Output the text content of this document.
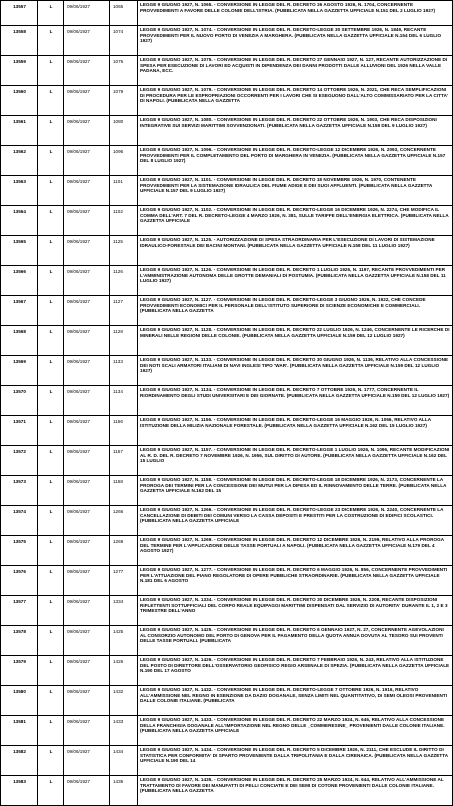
13557	L	09/06/1927	1065	LEGGE 9 GIUGNO 1927, N. 1065. - CONVERSIONE IN LEGGE DEL R. DECRETO 26 AGOSTO 1926, N. 1704, CONCERNENTE PROVVEDIMENTI A FAVORE DELLE COLONIE DELL'ISTRIA. (PUBBLICATA NELLA GAZZETTA UFFICIALE N.151 DEL 2 LUGLIO 1927)
13558	L	09/06/1927	1074	LEGGE 9 GIUGNO 1927, N. 1074. - CONVERSIONE IN LEGGE DEL R. DECRETO-LEGGE 30 SETTEMBRE 1926, N. 1849, RECANTE PROVVEDIMENTI PER IL NUOVO PORTO DI VENEZIA A MARGHERA. (PUBBLICATA NELLA GAZZETTA UFFICIALE N.154 DEL 6 LUGLIO 1927)
13559	L	09/06/1927	1075	LEGGE 9 GIUGNO 1927, N. 1075. - CONVERSIONE IN LEGGE DEL R. DECRETO 27 GENNAIO 1927, N. 127, RECANTE AUTORIZZAZIONE DI SPESA PER ESECUZIONE DI LAVORI ED ACQUISTI IN DIPENDENZA DEI DANNI PRODOTTI DALLE ALLUVIONI DEL 1926 NELLA VALLE PADANA, ECC.
13560	L	09/06/1927	1079	LEGGE 9 GIUGNO 1927, N. 1079. - CONVERSIONE IN LEGGE DEL R. DECRETO 14 OTTOBRE 1926, N. 2021, CHE RECA SEMPLIFICAZIONI DI PROCEDURA PER LE ESPROPRIAZIONI OCCORRENTI PER I LAVORI CHE SI ESEGUONO DALL'ALTO COMMISSARIATO PER LA CITTA' DI NAPOLI. (PUBBLICATA NELLA GAZZETTA
13561	L	09/06/1927	1080	LEGGE 9 GIUGNO 1927, N. 1080. - CONVERSIONE IN LEGGE DEL R. DECRETO 22 OTTOBRE 1926, N. 1903, CHE RECA DISPOSIZIONI INTEGRATIVE SUI SERVIZI MARITTIMI SOVVENZIONATI. (PUBBLICATA NELLA GAZZETTA UFFICIALE N.158 DEL 9 LUGLIO 1927)
13562	L	09/06/1927	1096	LEGGE 9 GIUGNO 1927, N. 1096. - CONVERSIONE IN LEGGE DEL R. DECRETO-LEGGE 12 DICEMBRE 1926, N. 2093, CONCERNENTE PROVVEDIMENTI PER IL COMPLETAMENTO DEL PORTO DI MARGHERA IN VENEZIA. (PUBBLICATA NELLA GAZZETTA UFFICIALE N.157 DEL 8 LUGLIO 1927)
13563	L	09/06/1927	1101	LEGGE 9 GIUGNO 1927, N. 1101. - CONVERSIONE IN LEGGE DEL R. DECRETO 18 NOVEMBRE 1926, N. 1970, CONTENENTE PROVVEDIMENTI PER LA SISTEMAZIONE IDRAULICA DEL FIUME ADIGE E DEI SUOI AFFLUENTI. (PUBBLICATA NELLA GAZZETTA UFFICIALE N.157 DEL 9 LUGLIO 1927)
13564	L	09/06/1927	1102	LEGGE 9 GIUGNO 1927, N. 1102. - CONVERSIONE IN LEGGE DEL R. DECRETO-LEGGE 16 DICEMBRE 1926, N. 2274, CHE MODIFICA IL COMMA DELL'ART. 7 DEL R. DECRETO-LEGGE 4 MARZO 1926, N. 381, SULLE TARIFFE DELL'ENERGIA ELETTRICA. (PUBBLICATA NELLA GAZZETTA UFFICIALE
13565	L	09/06/1927	1125	LEGGE 9 GIUGNO 1927, N. 1125. - AUTORIZZAZIONE DI SPESA STRAORDINARIA PER L'ESECUZIONE DI LAVORI DI SISTEMAZIONE IDRAULICO-FORESTALE DEI BACINI MONTANI. (PUBBLICATA NELLA GAZZETTA UFFICIALE N.158 DEL 11 LUGLIO 1927)
13566	L	09/06/1927	1126	LEGGE 9 GIUGNO 1927, N. 1126. - CONVERSIONE IN LEGGE DEL R. DECRETO 1 LUGLIO 1926, N. 1197, RECANTE PROVVEDIMENTI PER L'AMMINISTRAZIONE AUTONOMA DELLE GROTTE DEMANIALI DI POSTUMIA. (PUBBLICATA NELLA GAZZETTA UFFICIALE N.158 DEL 11 LUGLIO 1927)
13567	L	09/06/1927	1127	LEGGE 9 GIUGNO 1927, N. 1127. - CONVERSIONE IN LEGGE DEL R. DECRETO-LEGGE 3 GIUGNO 1926, N. 1922, CHE CONCEDE PROVVEDIMENTI ECONOMICI PER IL PERSONALE DELL'ISTITUTO SUPERIORE DI SCIENZE ECONOMICHE E COMMERCIALI. (PUBBLICATA NELLA GAZZETTA
13568	L	09/06/1927	1128	LEGGE 9 GIUGNO 1927, N. 1128. - CONVERSIONE IN LEGGE DEL R. DECRETO 22 LUGLIO 1926, N. 1246, CONCERNENTE LE RICERCHE DI MINERALI NELLE REGIONI DELLE COLONIE. (PUBBLICATA NELLA GAZZETTA UFFICIALE N.159 DEL 12 LUGLIO 1927)
13569	L	09/06/1927	1133	LEGGE 9 GIUGNO 1927, N. 1133. - CONVERSIONE IN LEGGE DEL R. DECRETO 30 GIUGNO 1926, N. 1136, RELATIVO ALLA CONCESSIONE DEI NOTI SCALI ARMATORI ITALIANI DI NAVI INGLESI TIPO 'WAR'. (PUBBLICATA NELLA GAZZETTA UFFICIALE N.159 DEL 12 LUGLIO 1927)
13570	L	09/06/1927	1134	LEGGE 9 GIUGNO 1927, N. 1134. - CONVERSIONE IN LEGGE DEL R. DECRETO 7 OTTOBRE 1926, N. 1777, CONCERNENTE IL RIORDINAMENTO DEGLI STUDI UNIVERSITARI E DEI GIORNATE. (PUBBLICATA NELLA GAZZETTA UFFICIALE N.159 DEL 12 LUGLIO 1927)
13571	L	09/06/1927	1156	LEGGE 9 GIUGNO 1927, N. 1156. - CONVERSIONE IN LEGGE DEL R. DECRETO-LEGGE 16 MAGGIO 1926, N. 1066, RELATIVO ALLA ISTITUZIONE DELLA MILIZIA NAZIONALE FORESTALE. (PUBBLICATA NELLA GAZZETTA UFFICIALE N.162 DEL 15 LUGLIO 1927)
13572	L	09/06/1927	1157	LEGGE 9 GIUGNO 1927, N. 1157. - CONVERSIONE IN LEGGE DEL R. DECRETO-LEGGE 1 LUGLIO 1926, N. 1096, RECANTE MODIFICAZIONI AL R. D. DEL R. DECRETO 7 NOVEMBRE 1926, N. 1956, SUL DIRITTO DI AUTORE. (PUBBLICATA NELLA GAZZETTA UFFICIALE N.162 DEL 15 LUGLIO
13573	L	09/06/1927	1158	LEGGE 9 GIUGNO 1927, N. 1158. - CONVERSIONE IN LEGGE DEL R. DECRETO-LEGGE 18 DICEMBRE 1926, N. 2173, CONCERNENTE LA PROROGA DEI TERMINI PER LA CONCESSIONE DEI MUTUI PER LA DIFESA ED IL RINNOVAMENTO DELLE TERRE. (PUBBLICATA NELLA GAZZETTA UFFICIALE N.162 DEL 15
13574	L	09/06/1927	1266	LEGGE 9 GIUGNO 1927, N. 1266. - CONVERSIONE IN LEGGE DEL R. DECRETO-LEGGE 23 DICEMBRE 1926, N. 2240, CONCERNENTE LA CANCELLAZIONE DI DEBITI DEI COMUNI VERSO LA CASSA DEPOSITI E PRESTITI PER LA COSTRUZIONE DI EDIFICI SCOLASTICI. (PUBBLICATA NELLA GAZZETTA UFFICIALE
13575	L	09/06/1927	1269	LEGGE 9 GIUGNO 1927, N. 1269. - CONVERSIONE IN LEGGE DEL R. DECRETO 12 DICEMBRE 1926, N. 2199, RELATIVO ALLA PROROGA DEL TERMINE PER L'APPLICAZIONE DELLE TASSE PORTUALI A NAPOLI. (PUBBLICATA NELLA GAZZETTA UFFICIALE N.179 DEL 4 AGOSTO 1927)
13576	L	09/06/1927	1277	LEGGE 9 GIUGNO 1927, N. 1277. - CONVERSIONE IN LEGGE DEL R. DECRETO 6 MAGGIO 1926, N. 856, CONCERNENTE PROVVEDIMENTI PER L'ATTUAZIONE DEL PIANO REGOLATORE DI OPERE PUBBLICHE STRAORDINARIE. (PUBBLICATA NELLA GAZZETTA UFFICIALE N.181 DEL 6 AGOSTO
13577	L	09/06/1927	1334	LEGGE 9 GIUGNO 1927, N. 1334. - CONVERSIONE IN LEGGE DEL R. DECRETO 30 DICEMBRE 1926, N. 2208, RECANTE DISPOSIZIONI RIFLETTENTI SOTTUFFICIALI DEL CORPO REALE EQUIPAGGI MARITTIMI DISPENSATI DAL SERVIZIO DI AUTORITA' DURANTE IL 1, 2 E 3 TRIMESTRE DELL'ANNO
13578	L	09/06/1927	1425	LEGGE 9 GIUGNO 1927, N. 1425. - CONVERSIONE IN LEGGE DEL R. DECRETO 6 GENNAIO 1927, N. 27, CONCERNENTE AGEVOLAZIONI AL CONSORZIO AUTONOMO DEL PORTO DI GENOVA PER IL PAGAMENTO DELLA QUOTA ANNUA DOVUTA AL TESORO SUI PROVENTI DELLE TASSE PORTUALI. (PUBBLICATA
13579	L	09/06/1927	1426	LEGGE 9 GIUGNO 1927, N. 1426. - CONVERSIONE IN LEGGE DEL R. DECRETO 7 FEBBRAIO 1926, N. 243, RELATIVO ALLA ISTITUZIONE DEL POSTO DI DIRETTORE DELL'OSSERVATORIO GEOFISICO REGIO ARSENALE DI SPEZIA. (PUBBLICATA NELLA GAZZETTA UFFICIALE N.190 DEL 17 AGOSTO
13580	L	09/06/1927	1432	LEGGE 9 GIUGNO 1927, N. 1432. - CONVERSIONE IN LEGGE DEL R. DECRETO-LEGGE 7 OTTOBRE 1926, N. 1916, RELATIVO ALL'AMMISSIONE NEL REGNO IN ESENZIONE DA DAZIO DOGANALE, SENZA LIMITI NEL QUANTITATIVO, DI SEMI OLEOSI PROVENIENTI DALLE COLONIE ITALIANE. (PUBBLICATA
13581	L	09/06/1927	1433	LEGGE 9 GIUGNO 1927, N. 1433. - CONVERSIONE IN LEGGE DEL R. DECRETO 22 MARZO 1924, N. 646, RELATIVO ALLA CONCESSIONE DELLA FRANCHIGIA DOGANALE ALL'IMPORTAZIONE NEL REGNO DELLE _COMMERESINE_ PROVENIENTI DALLE COLONIE ITALIANE. (PUBBLICATA NELLA GAZZETTA UFFICIALE
13582	L	09/06/1927	1434	LEGGE 9 GIUGNO 1927, N. 1434. - CONVERSIONE IN LEGGE DEL R. DECRETO 5 DICEMBRE 1926, N. 2111, CHE ESCLUDE IL DIRITTO DI STATISTICA PER CONFORMITA' DI SPARTO PROVENIENTE DALLA TRIPOLITANIA E DALLA CIRENAICA. (PUBBLICATA NELLA GAZZETTA UFFICIALE N.190 DEL 14
13583	L	09/06/1927	1435	LEGGE 9 GIUGNO 1927, N. 1435. - CONVERSIONE IN LEGGE DEL R. DECRETO 25 MARZO 1924, N. 644, RELATIVO ALL'AMMISSIONE AL TRATTAMENTO DI FAVORE DEI MANUFATTI DI PELLI CONCIATE E DEI SEMI DI COTONE PROVENIENTI DALLE COLONIE ITALIANE. (PUBBLICATA NELLA GAZZETTA
